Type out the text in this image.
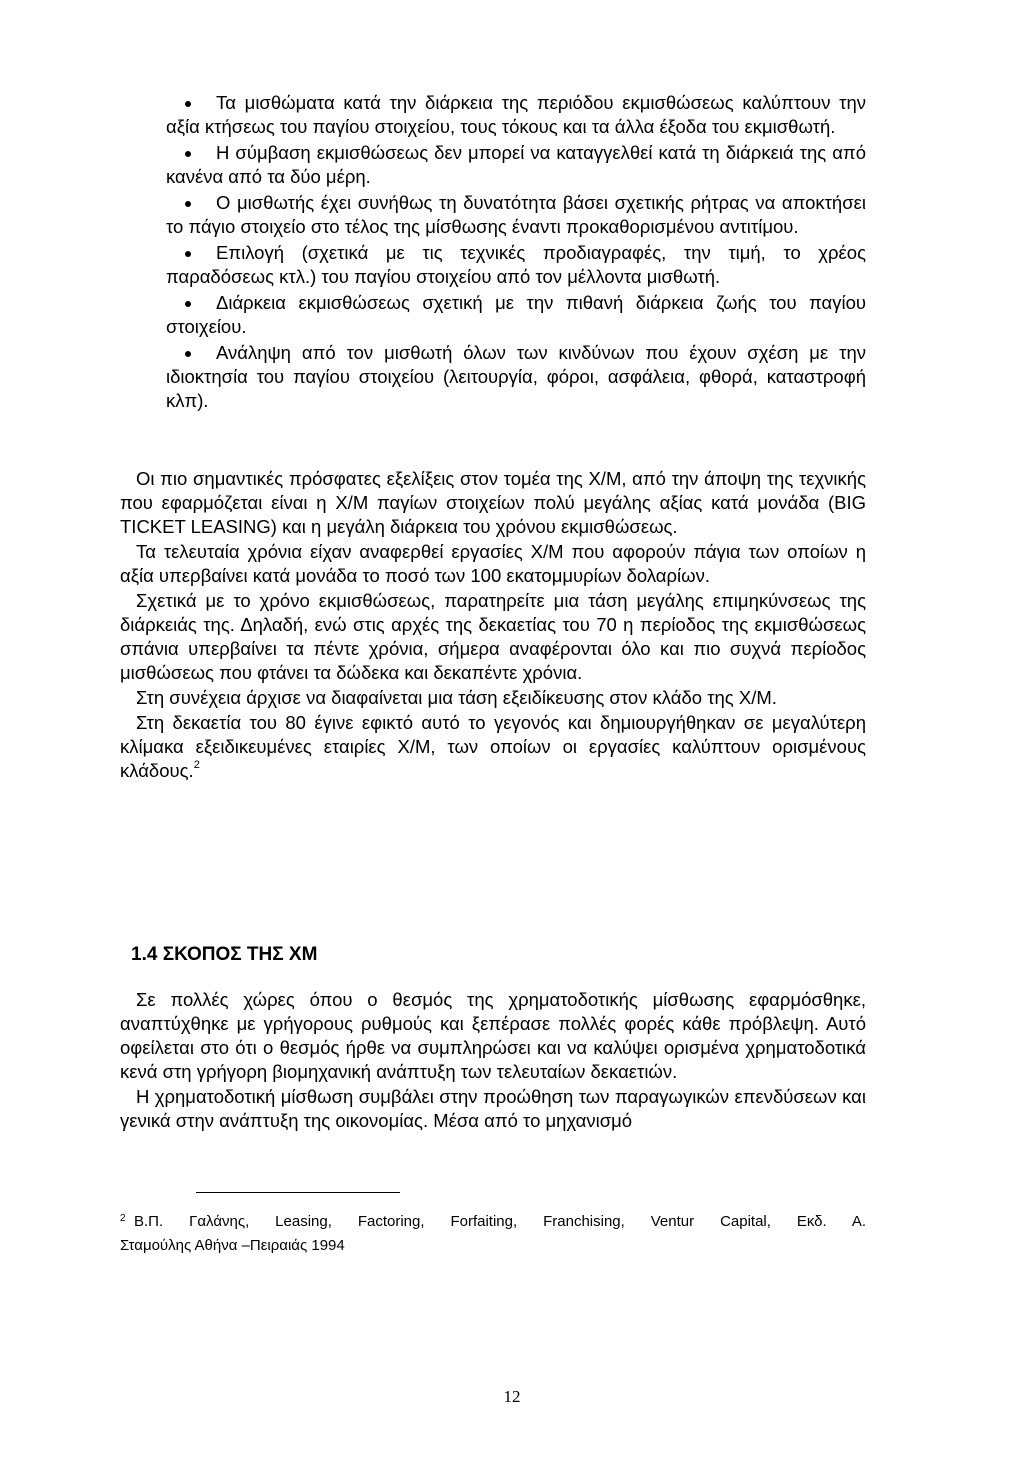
Τα μισθώματα κατά την διάρκεια της περιόδου εκμισθώσεως καλύπτουν την αξία κτήσεως του παγίου στοιχείου, τους τόκους και τα άλλα έξοδα του εκμισθωτή.
Η σύμβαση εκμισθώσεως δεν μπορεί να καταγγελθεί κατά τη διάρκειά της από κανένα από τα δύο μέρη.
Ο μισθωτής έχει συνήθως τη δυνατότητα βάσει σχετικής ρήτρας να αποκτήσει το πάγιο στοιχείο στο τέλος της μίσθωσης έναντι προκαθορισμένου αντιτίμου.
Επιλογή (σχετικά με τις τεχνικές προδιαγραφές, την τιμή, το χρέος παραδόσεως κτλ.) του παγίου στοιχείου από τον μέλλοντα μισθωτή.
Διάρκεια εκμισθώσεως σχετική με την πιθανή διάρκεια ζωής του παγίου στοιχείου.
Ανάληψη από τον μισθωτή όλων των κινδύνων που έχουν σχέση με την ιδιοκτησία του παγίου στοιχείου (λειτουργία, φόροι, ασφάλεια, φθορά, καταστροφή κλπ).

Οι πιο σημαντικές πρόσφατες εξελίξεις στον τομέα της Χ/Μ, από την άποψη της τεχνικής που εφαρμόζεται είναι η Χ/Μ παγίων στοιχείων πολύ μεγάλης αξίας κατά μονάδα (BIG TICKET LEASING) και η μεγάλη διάρκεια του χρόνου εκμισθώσεως.

Τα τελευταία χρόνια είχαν αναφερθεί εργασίες Χ/Μ που αφορούν πάγια των οποίων η αξία υπερβαίνει κατά μονάδα το ποσό των 100 εκατομμυρίων δολαρίων.

Σχετικά με το χρόνο εκμισθώσεως, παρατηρείτε μια τάση μεγάλης επιμηκύνσεως της διάρκειάς της. Δηλαδή, ενώ στις αρχές της δεκαετίας του 70 η περίοδος της εκμισθώσεως σπάνια υπερβαίνει τα πέντε χρόνια, σήμερα αναφέρονται όλο και πιο συχνά περίοδος μισθώσεως που φτάνει τα δώδεκα και δεκαπέντε χρόνια.

Στη συνέχεια άρχισε να διαφαίνεται μια τάση εξειδίκευσης στον κλάδο της Χ/Μ.

Στη δεκαετία του 80 έγινε εφικτό αυτό το γεγονός και δημιουργήθηκαν σε μεγαλύτερη κλίμακα εξειδικευμένες εταιρίες Χ/Μ, των οποίων οι εργασίες καλύπτουν ορισμένους κλάδους.$^2$

1.4 ΣΚΟΠΟΣ ΤΗΣ ΧΜ

Σε πολλές χώρες όπου ο θεσμός της χρηματοδοτικής μίσθωσης εφαρμόσθηκε, αναπτύχθηκε με γρήγορους ρυθμούς και ξεπέρασε πολλές φορές κάθε πρόβλεψη. Αυτό οφείλεται στο ότι ο θεσμός ήρθε να συμπληρώσει και να καλύψει ορισμένα χρηματοδοτικά κενά στη γρήγορη βιομηχανική ανάπτυξη των τελευταίων δεκαετιών.

Η χρηματοδοτική μίσθωση συμβάλει στην προώθηση των παραγωγικών επενδύσεων και γενικά στην ανάπτυξη της οικονομίας. Μέσα από το μηχανισμό

2 Β.Π. Γαλάνης, Leasing, Factoring, Forfaiting, Franchising, Ventur Capital, Εκδ. Α.
Σταμούλης Αθήνα –Πειραιάς 1994
12
